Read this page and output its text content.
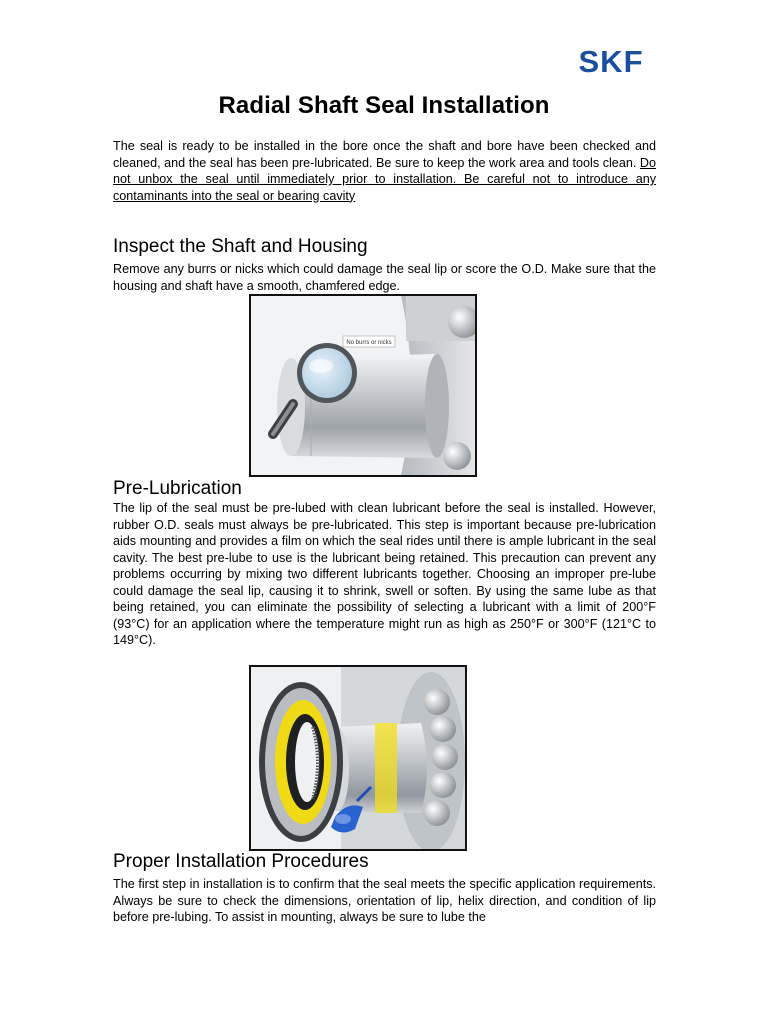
SKF
Radial Shaft Seal Installation
The seal is ready to be installed in the bore once the shaft and bore have been checked and cleaned, and the seal has been pre-lubricated. Be sure to keep the work area and tools clean. Do not unbox the seal until immediately prior to installation. Be careful not to introduce any contaminants into the seal or bearing cavity
Inspect the Shaft and Housing
Remove any burrs or nicks which could damage the seal lip or score the O.D. Make sure that the housing and shaft have a smooth, chamfered edge.
No burrs or nicks
Pre-Lubrication
The lip of the seal must be pre-lubed with clean lubricant before the seal is installed. However, rubber O.D. seals must always be pre-lubricated. This step is important because pre-lubrication aids mounting and provides a film on which the seal rides until there is ample lubricant in the seal cavity. The best pre-lube to use is the lubricant being retained. This precaution can prevent any problems occurring by mixing two different lubricants together. Choosing an improper pre-lube could damage the seal lip, causing it to shrink, swell or soften. By using the same lube as that being retained, you can eliminate the possibility of selecting a lubricant with a limit of 200°F (93°C) for an application where the temperature might run as high as 250°F or 300°F (121°C to 149°C).
Proper Installation Procedures
The first step in installation is to confirm that the seal meets the specific application requirements. Always be sure to check the dimensions, orientation of lip, helix direction, and condition of lip before pre-lubing. To assist in mounting, always be sure to lube the
